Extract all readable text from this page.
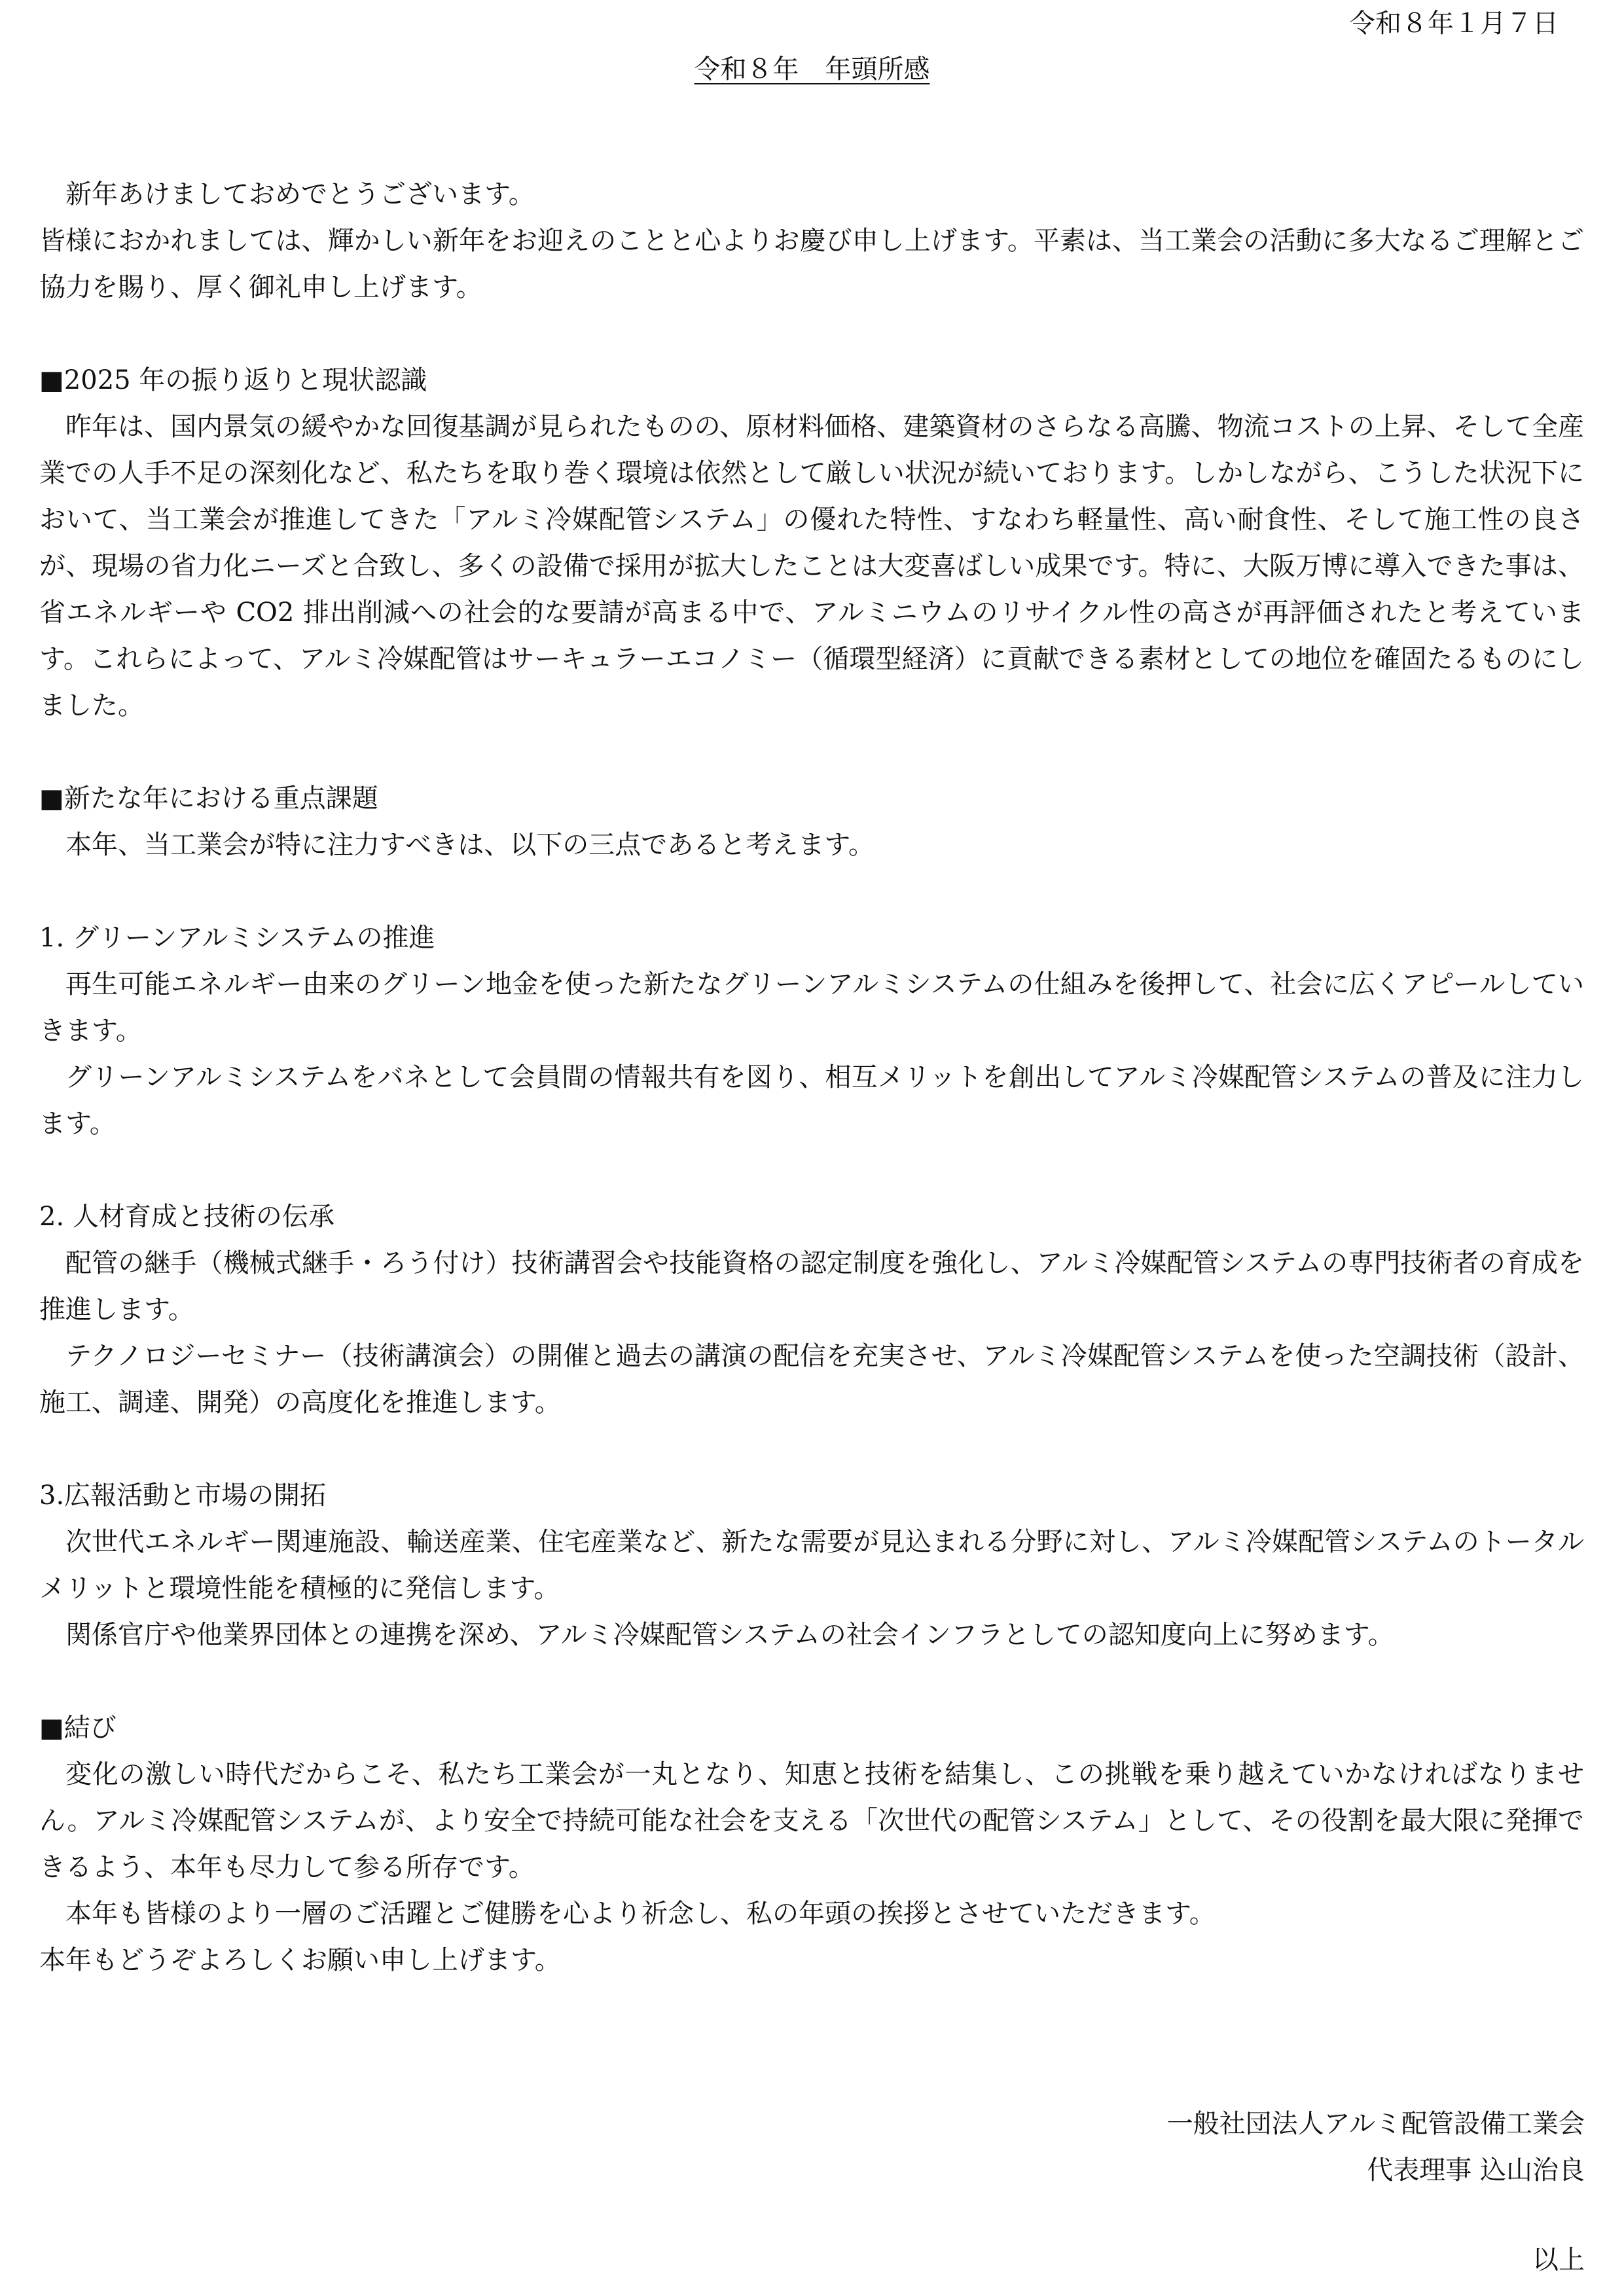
令和８年１月７日
令和８年　年頭所感

新年あけましておめでとうございます。

皆様におかれましては、輝かしい新年をお迎えのことと心よりお慶び申し上げます。平素は、当工業会の活動に多大なるご理解とご協力を賜り、厚く御礼申し上げます。

■2025 年の振り返りと現状認識

昨年は、国内景気の緩やかな回復基調が見られたものの、原材料価格、建築資材のさらなる高騰、物流コストの上昇、そして全産業での人手不足の深刻化など、私たちを取り巻く環境は依然として厳しい状況が続いております。しかしながら、こうした状況下において、当工業会が推進してきた「アルミ冷媒配管システム」の優れた特性、すなわち軽量性、高い耐食性、そして施工性の良さが、現場の省力化ニーズと合致し、多くの設備で採用が拡大したことは大変喜ばしい成果です。特に、大阪万博に導入できた事は、省エネルギーや CO2 排出削減への社会的な要請が高まる中で、アルミニウムのリサイクル性の高さが再評価されたと考えています。これらによって、アルミ冷媒配管はサーキュラーエコノミー（循環型経済）に貢献できる素材としての地位を確固たるものにしました。

■新たな年における重点課題

本年、当工業会が特に注力すべきは、以下の三点であると考えます。

1. グリーンアルミシステムの推進

再生可能エネルギー由来のグリーン地金を使った新たなグリーンアルミシステムの仕組みを後押して、社会に広くアピールしていきます。

グリーンアルミシステムをバネとして会員間の情報共有を図り、相互メリットを創出してアルミ冷媒配管システムの普及に注力します。

2. 人材育成と技術の伝承

配管の継手（機械式継手・ろう付け）技術講習会や技能資格の認定制度を強化し、アルミ冷媒配管システムの専門技術者の育成を推進します。

テクノロジーセミナー（技術講演会）の開催と過去の講演の配信を充実させ、アルミ冷媒配管システムを使った空調技術（設計、施工、調達、開発）の高度化を推進します。

3.広報活動と市場の開拓

次世代エネルギー関連施設、輸送産業、住宅産業など、新たな需要が見込まれる分野に対し、アルミ冷媒配管システムのトータルメリットと環境性能を積極的に発信します。

関係官庁や他業界団体との連携を深め、アルミ冷媒配管システムの社会インフラとしての認知度向上に努めます。

■結び

変化の激しい時代だからこそ、私たち工業会が一丸となり、知恵と技術を結集し、この挑戦を乗り越えていかなければなりません。アルミ冷媒配管システムが、より安全で持続可能な社会を支える「次世代の配管システム」として、その役割を最大限に発揮できるよう、本年も尽力して参る所存です。

本年も皆様のより一層のご活躍とご健勝を心より祈念し、私の年頭の挨拶とさせていただきます。

本年もどうぞよろしくお願い申し上げます。

一般社団法人アルミ配管設備工業会
代表理事 込山治良
以上
